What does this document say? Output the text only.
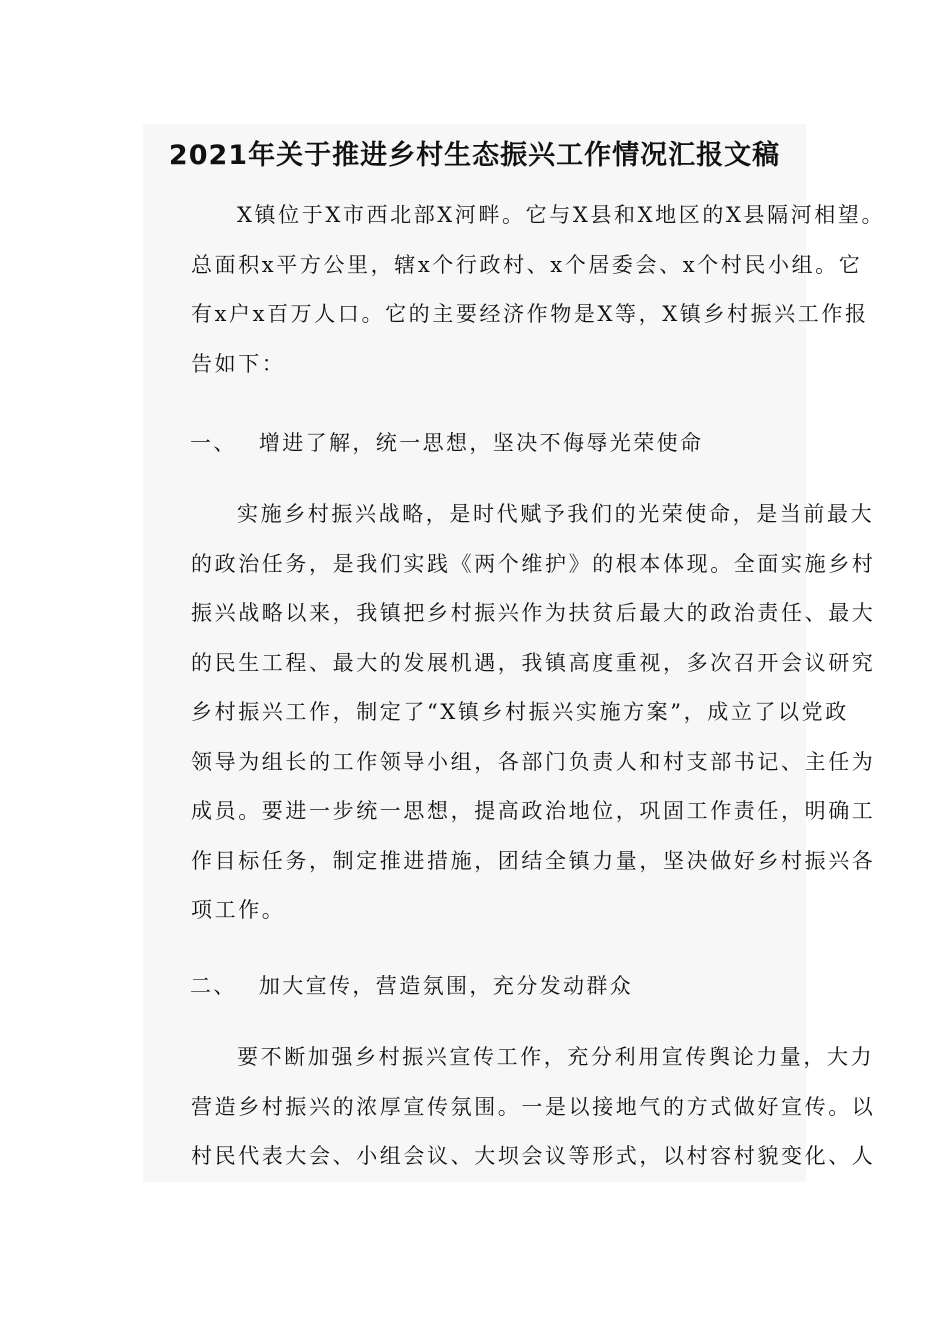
2021年关于推进乡村生态振兴工作情况汇报文稿
X镇位于X市西北部X河畔。它与X县和X地区的X县隔河相望。
总面积x平方公里，辖x个行政村、x个居委会、x个村民小组。它
有x户x百万人口。它的主要经济作物是X等，X镇乡村振兴工作报
告如下：
一、 增进了解，统一思想，坚决不侮辱光荣使命
实施乡村振兴战略，是时代赋予我们的光荣使命，是当前最大
的政治任务，是我们实践《两个维护》的根本体现。全面实施乡村
振兴战略以来，我镇把乡村振兴作为扶贫后最大的政治责任、最大
的民生工程、最大的发展机遇，我镇高度重视，多次召开会议研究
乡村振兴工作，制定了“X镇乡村振兴实施方案”，成立了以党政
领导为组长的工作领导小组，各部门负责人和村支部书记、主任为
成员。要进一步统一思想，提高政治地位，巩固工作责任，明确工
作目标任务，制定推进措施，团结全镇力量，坚决做好乡村振兴各
项工作。
二、 加大宣传，营造氛围，充分发动群众
要不断加强乡村振兴宣传工作，充分利用宣传舆论力量，大力
营造乡村振兴的浓厚宣传氛围。一是以接地气的方式做好宣传。以
村民代表大会、小组会议、大坝会议等形式，以村容村貌变化、人
